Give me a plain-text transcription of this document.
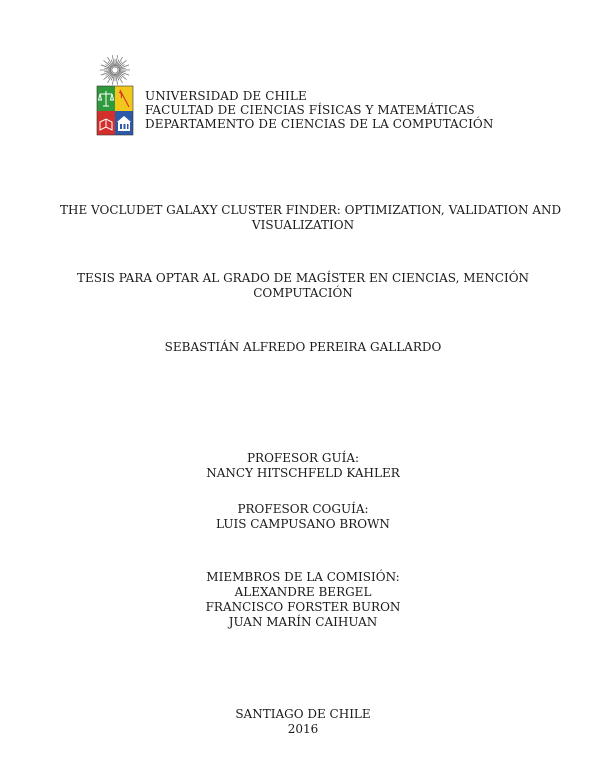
UNIVERSIDAD DE CHILE
FACULTAD DE CIENCIAS FÍSICAS Y MATEMÁTICAS
DEPARTAMENTO DE CIENCIAS DE LA COMPUTACIÓN
THE VOCLUDET GALAXY CLUSTER FINDER: OPTIMIZATION, VALIDATION AND
VISUALIZATION
TESIS PARA OPTAR AL GRADO DE MAGÍSTER EN CIENCIAS, MENCIÓN
COMPUTACIÓN
SEBASTIÁN ALFREDO PEREIRA GALLARDO
PROFESOR GUÍA:
NANCY HITSCHFELD KAHLER
PROFESOR COGUÍA:
LUIS CAMPUSANO BROWN
MIEMBROS DE LA COMISIÓN:
ALEXANDRE BERGEL
FRANCISCO FORSTER BURON
JUAN MARÍN CAIHUAN
SANTIAGO DE CHILE
2016
